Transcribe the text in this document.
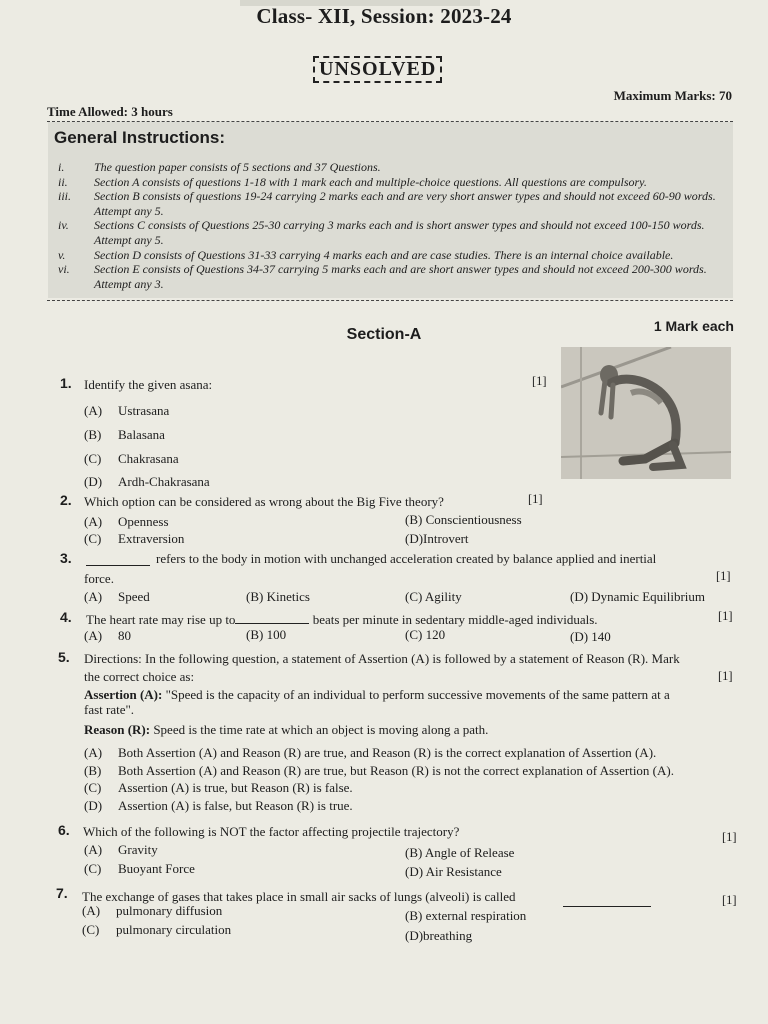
Class- XII, Session: 2023-24
UNSOLVED
Maximum Marks: 70
Time Allowed: 3 hours
General Instructions:
i.	The question paper consists of 5 sections and 37 Questions.
ii.	Section A consists of questions 1-18 with 1 mark each and multiple-choice questions. All questions are compulsory.
iii.	Section B consists of questions 19-24 carrying 2 marks each and are very short answer types and should not exceed 60-90 words. Attempt any 5.
iv.	Sections C consists of Questions 25-30 carrying 3 marks each and is short answer types and should not exceed 100-150 words. Attempt any 5.
v.	Section D consists of Questions 31-33 carrying 4 marks each and are case studies. There is an internal choice available.
vi.	Section E consists of Questions 34-37 carrying 5 marks each and are short answer types and should not exceed 200-300 words. Attempt any 3.
1 Mark each
Section-A
1. Identify the given asana:	[1]
(A) Ustrasana
(B) Balasana
(C) Chakrasana
(D) Ardh-Chakrasana
2. Which option can be considered as wrong about the Big Five theory?	[1]
(A) Openness	(B) Conscientiousness
(C) Extraversion	(D)Introvert
3.	refers to the body in motion with unchanged acceleration created by balance applied and inertial
force.	[1]
(A) Speed	(B) Kinetics	(C) Agility	(D) Dynamic Equilibrium
4. The heart rate may rise up to	beats per minute in sedentary middle-aged individuals.	[1]
(A) 80	(B) 100	(C) 120	(D) 140
5. Directions: In the following question, a statement of Assertion (A) is followed by a statement of Reason (R). Mark
the correct choice as:	[1]
Assertion (A): "Speed is the capacity of an individual to perform successive movements of the same pattern at a
fast rate".
Reason (R): Speed is the time rate at which an object is moving along a path.
(A) Both Assertion (A) and Reason (R) are true, and Reason (R) is the correct explanation of Assertion (A).
(B) Both Assertion (A) and Reason (R) are true, but Reason (R) is not the correct explanation of Assertion (A).
(C) Assertion (A) is true, but Reason (R) is false.
(D) Assertion (A) is false, but Reason (R) is true.
6. Which of the following is NOT the factor affecting projectile trajectory?	[1]
(A) Gravity	(B) Angle of Release
(C) Buoyant Force	(D) Air Resistance
7. The exchange of gases that takes place in small air sacks of lungs (alveoli) is called	[1]
(A) pulmonary diffusion	(B) external respiration
(C) pulmonary circulation	(D)breathing
